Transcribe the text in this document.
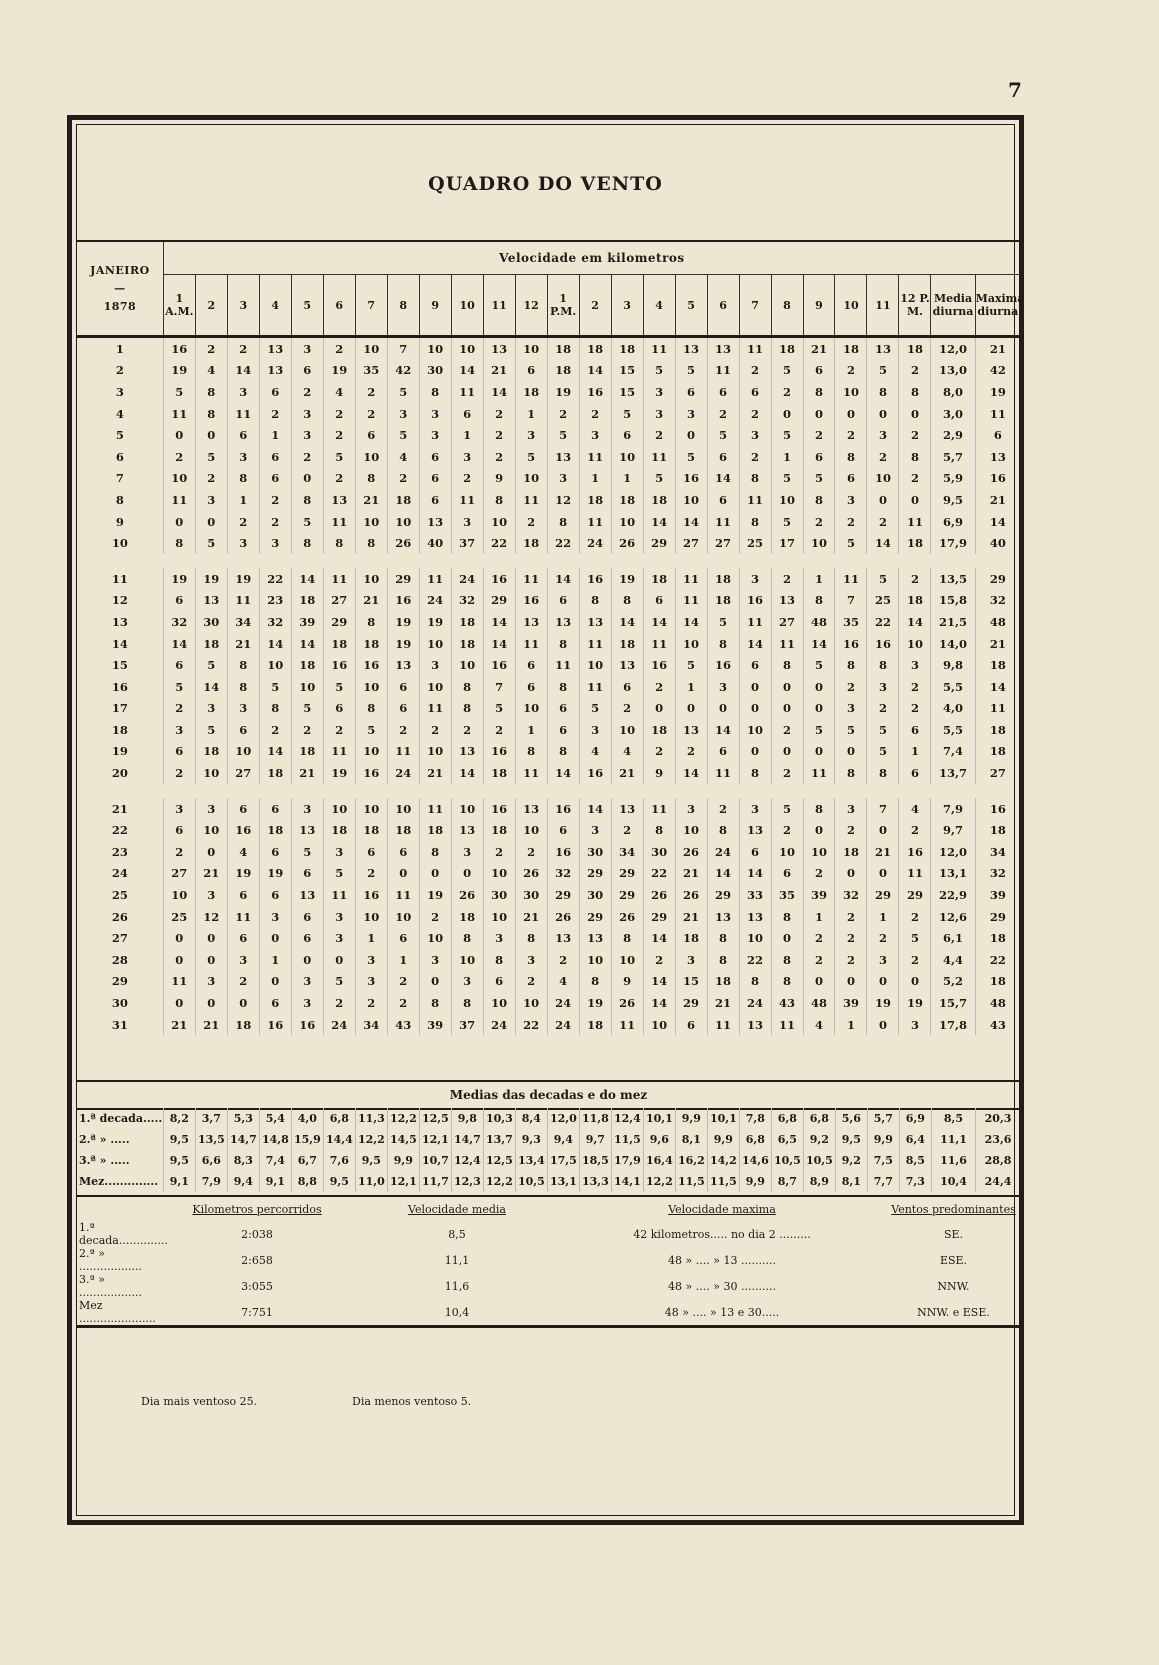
7
QUADRO DO VENTO
JANEIRO
—
1878	Velocidade em kilometros																									
	1 A.M.	2	3	4	5	6	7	8	9	10	11	12	1 P.M.	2	3	4	5	6	7	8	9	10	11	12 P. M.	Media diurna	Maxima diurna
1	16	2	2	13	3	2	10	7	10	10	13	10	18	18	18	11	13	13	11	18	21	18	13	18	12,0	21
2	19	4	14	13	6	19	35	42	30	14	21	6	18	14	15	5	5	11	2	5	6	2	5	2	13,0	42
3	5	8	3	6	2	4	2	5	8	11	14	18	19	16	15	3	6	6	6	2	8	10	8	8	8,0	19
4	11	8	11	2	3	2	2	3	3	6	2	1	2	2	5	3	3	2	2	0	0	0	0	0	3,0	11
5	0	0	6	1	3	2	6	5	3	1	2	3	5	3	6	2	0	5	3	5	2	2	3	2	2,9	6
6	2	5	3	6	2	5	10	4	6	3	2	5	13	11	10	11	5	6	2	1	6	8	2	8	5,7	13
7	10	2	8	6	0	2	8	2	6	2	9	10	3	1	1	5	16	14	8	5	5	6	10	2	5,9	16
8	11	3	1	2	8	13	21	18	6	11	8	11	12	18	18	18	10	6	11	10	8	3	0	0	9,5	21
9	0	0	2	2	5	11	10	10	13	3	10	2	8	11	10	14	14	11	8	5	2	2	2	11	6,9	14
10	8	5	3	3	8	8	8	26	40	37	22	18	22	24	26	29	27	27	25	17	10	5	14	18	17,9	40

11	19	19	19	22	14	11	10	29	11	24	16	11	14	16	19	18	11	18	3	2	1	11	5	2	13,5	29
12	6	13	11	23	18	27	21	16	24	32	29	16	6	8	8	6	11	18	16	13	8	7	25	18	15,8	32
13	32	30	34	32	39	29	8	19	19	18	14	13	13	13	14	14	14	5	11	27	48	35	22	14	21,5	48
14	14	18	21	14	14	18	18	19	10	18	14	11	8	11	18	11	10	8	14	11	14	16	16	10	14,0	21
15	6	5	8	10	18	16	16	13	3	10	16	6	11	10	13	16	5	16	6	8	5	8	8	3	9,8	18
16	5	14	8	5	10	5	10	6	10	8	7	6	8	11	6	2	1	3	0	0	0	2	3	2	5,5	14
17	2	3	3	8	5	6	8	6	11	8	5	10	6	5	2	0	0	0	0	0	0	3	2	2	4,0	11
18	3	5	6	2	2	2	5	2	2	2	2	1	6	3	10	18	13	14	10	2	5	5	5	6	5,5	18
19	6	18	10	14	18	11	10	11	10	13	16	8	8	4	4	2	2	6	0	0	0	0	5	1	7,4	18
20	2	10	27	18	21	19	16	24	21	14	18	11	14	16	21	9	14	11	8	2	11	8	8	6	13,7	27

21	3	3	6	6	3	10	10	10	11	10	16	13	16	14	13	11	3	2	3	5	8	3	7	4	7,9	16
22	6	10	16	18	13	18	18	18	18	13	18	10	6	3	2	8	10	8	13	2	0	2	0	2	9,7	18
23	2	0	4	6	5	3	6	6	8	3	2	2	16	30	34	30	26	24	6	10	10	18	21	16	12,0	34
24	27	21	19	19	6	5	2	0	0	0	10	26	32	29	29	22	21	14	14	6	2	0	0	11	13,1	32
25	10	3	6	6	13	11	16	11	19	26	30	30	29	30	29	26	26	29	33	35	39	32	29	29	22,9	39
26	25	12	11	3	6	3	10	10	2	18	10	21	26	29	26	29	21	13	13	8	1	2	1	2	12,6	29
27	0	0	6	0	6	3	1	6	10	8	3	8	13	13	8	14	18	8	10	0	2	2	2	5	6,1	18
28	0	0	3	1	0	0	3	1	3	10	8	3	2	10	10	2	3	8	22	8	2	2	3	2	4,4	22
29	11	3	2	0	3	5	3	2	0	3	6	2	4	8	9	14	15	18	8	8	0	0	0	0	5,2	18
30	0	0	0	6	3	2	2	2	8	8	10	10	24	19	26	14	29	21	24	43	48	39	19	19	15,7	48
31	21	21	18	16	16	24	34	43	39	37	24	22	24	18	11	10	6	11	13	11	4	1	0	3	17,8	43
Medias das decadas e do mez
1.ª decada.....	8,2	3,7	5,3	5,4	4,0	6,8	11,3	12,2	12,5	9,8	10,3	8,4	12,0	11,8	12,4	10,1	9,9	10,1	7,8	6,8	6,8	5,6	5,7	6,9	8,5	20,3
2.ª » .....	9,5	13,5	14,7	14,8	15,9	14,4	12,2	14,5	12,1	14,7	13,7	9,3	9,4	9,7	11,5	9,6	8,1	9,9	6,8	6,5	9,2	9,5	9,9	6,4	11,1	23,6
3.ª » .....	9,5	6,6	8,3	7,4	6,7	7,6	9,5	9,9	10,7	12,4	12,5	13,4	17,5	18,5	17,9	16,4	16,2	14,2	14,6	10,5	10,5	9,2	7,5	8,5	11,6	28,8
Mez..............	9,1	7,9	9,4	9,1	8,8	9,5	11,0	12,1	11,7	12,3	12,2	10,5	13,1	13,3	14,1	12,2	11,5	11,5	9,9	8,7	8,9	8,1	7,7	7,3	10,4	24,4
	Kilometros percorridos	Velocidade media	Velocidade maxima	Ventos predominantes
1.ª decada..............	2:038	8,5	42 kilometros..... no dia 2 .........	SE.
2.ª » ..................	2:658	11,1	48 » .... » 13 ..........	ESE.
3.ª » ..................	3:055	11,6	48 » .... » 30 ..........	NNW.
Mez ......................	7:751	10,4	48 » .... » 13 e 30.....	NNW. e ESE.
Dia mais ventoso 25.	Dia menos ventoso 5.
